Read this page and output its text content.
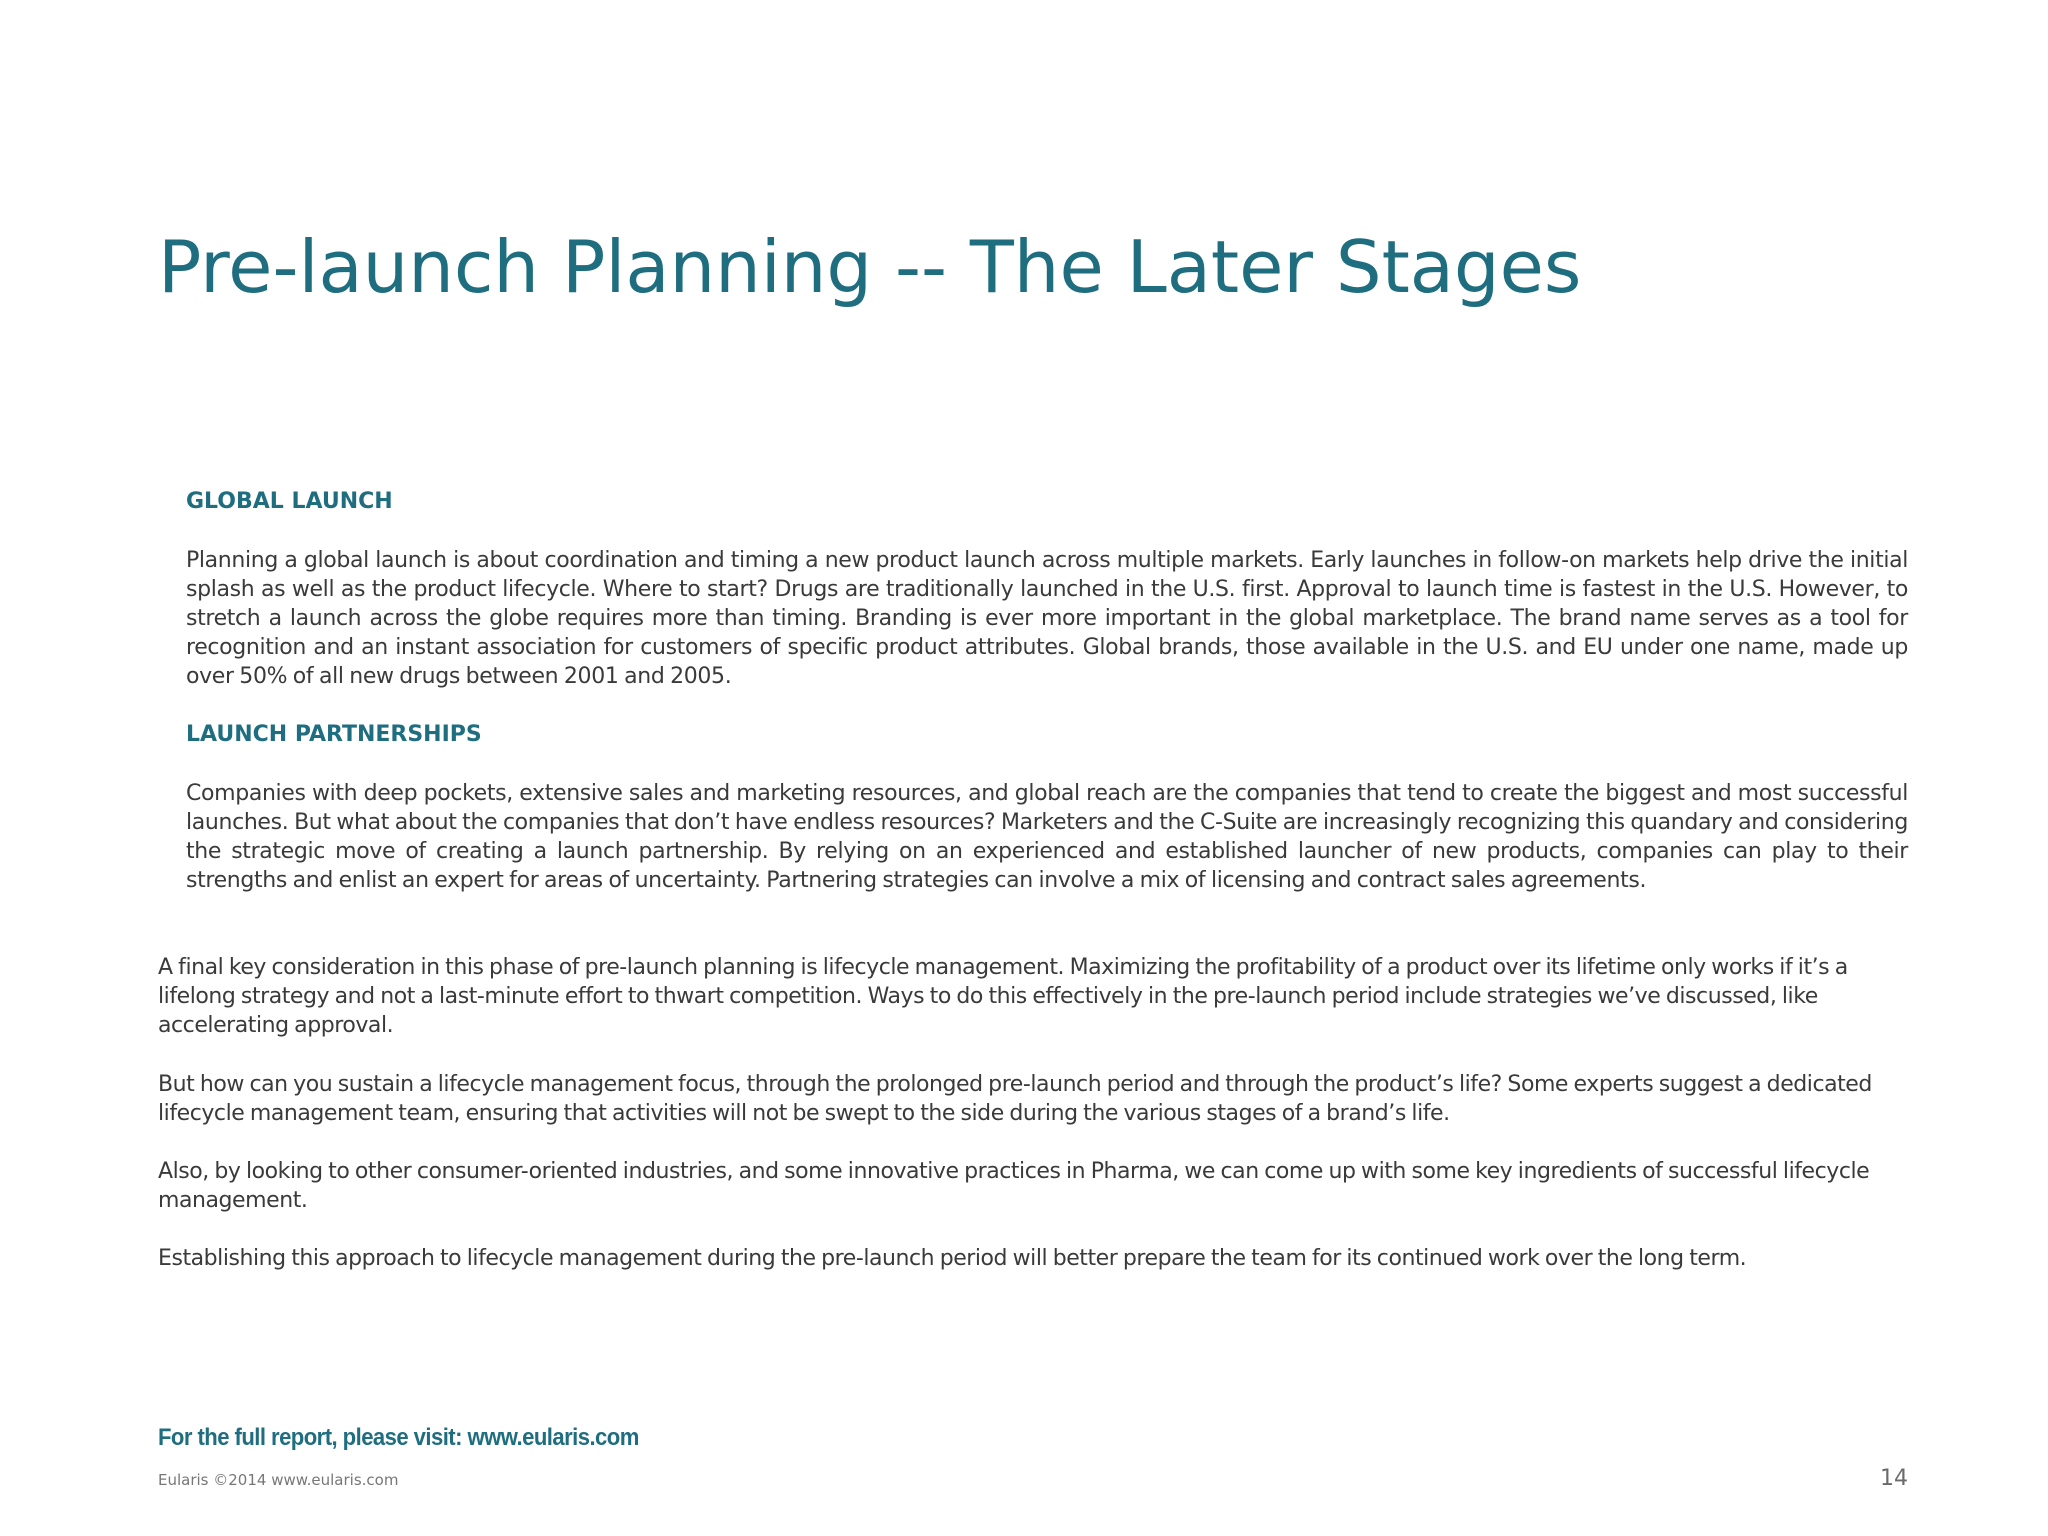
Pre-launch Planning -- The Later Stages
GLOBAL LAUNCH

Planning a global launch is about coordination and timing a new product launch across multiple markets. Early launches in follow-on markets help drive the initial splash as well as the product lifecycle. Where to start? Drugs are traditionally launched in the U.S. first. Approval to launch time is fastest in the U.S. However, to stretch a launch across the globe requires more than timing. Branding is ever more important in the global marketplace. The brand name serves as a tool for recognition and an instant association for customers of specific product attributes. Global brands, those available in the U.S. and EU under one name, made up over 50% of all new drugs between 2001 and 2005.

LAUNCH PARTNERSHIPS

Companies with deep pockets, extensive sales and marketing resources, and global reach are the companies that tend to create the biggest and most successful launches. But what about the companies that don’t have endless resources? Marketers and the C-Suite are increasingly recognizing this quandary and considering the strategic move of creating a launch partnership. By relying on an experienced and established launcher of new products, companies can play to their strengths and enlist an expert for areas of uncertainty. Partnering strategies can involve a mix of licensing and contract sales agreements.

A final key consideration in this phase of pre-launch planning is lifecycle management. Maximizing the profitability of a product over its lifetime only works if it’s a lifelong strategy and not a last-minute effort to thwart competition. Ways to do this effectively in the pre-launch period include strategies we’ve discussed, like accelerating approval.

But how can you sustain a lifecycle management focus, through the prolonged pre-launch period and through the product’s life? Some experts suggest a dedicated lifecycle management team, ensuring that activities will not be swept to the side during the various stages of a brand’s life.

Also, by looking to other consumer-oriented industries, and some innovative practices in Pharma, we can come up with some key ingredients of successful lifecycle management.

Establishing this approach to lifecycle management during the pre-launch period will better prepare the team for its continued work over the long term.

For the full report, please visit: www.eularis.com

Eularis ©2014 www.eularis.com	14
